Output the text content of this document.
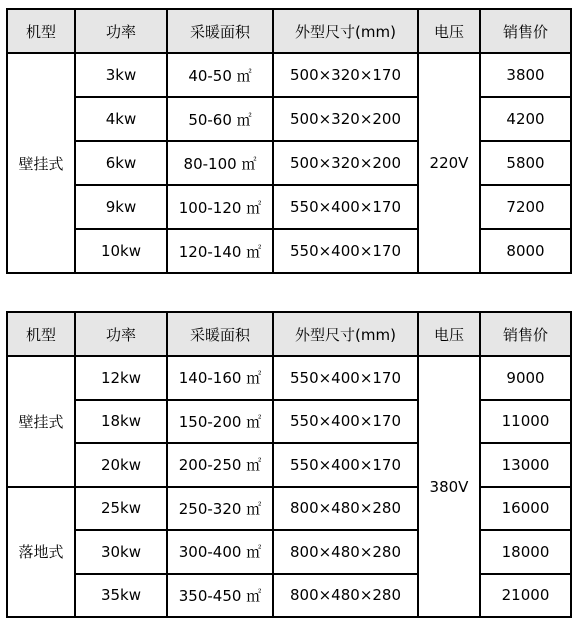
机型	功率	采暖面积	外型尺寸(mm)	电压	销售价
壁挂式	3kw	40-50 ㎡	500×320×170	220V	3800
	4kw	50-60 ㎡	500×320×200		4200
	6kw	80-100 ㎡	500×320×200		5800
	9kw	100-120 ㎡	550×400×170		7200
	10kw	120-140 ㎡	550×400×170		8000
机型	功率	采暖面积	外型尺寸(mm)	电压	销售价
壁挂式	12kw	140-160 ㎡	550×400×170	380V	9000
	18kw	150-200 ㎡	550×400×170		11000
	20kw	200-250 ㎡	550×400×170		13000
落地式	25kw	250-320 ㎡	800×480×280		16000
	30kw	300-400 ㎡	800×480×280		18000
	35kw	350-450 ㎡	800×480×280		21000
